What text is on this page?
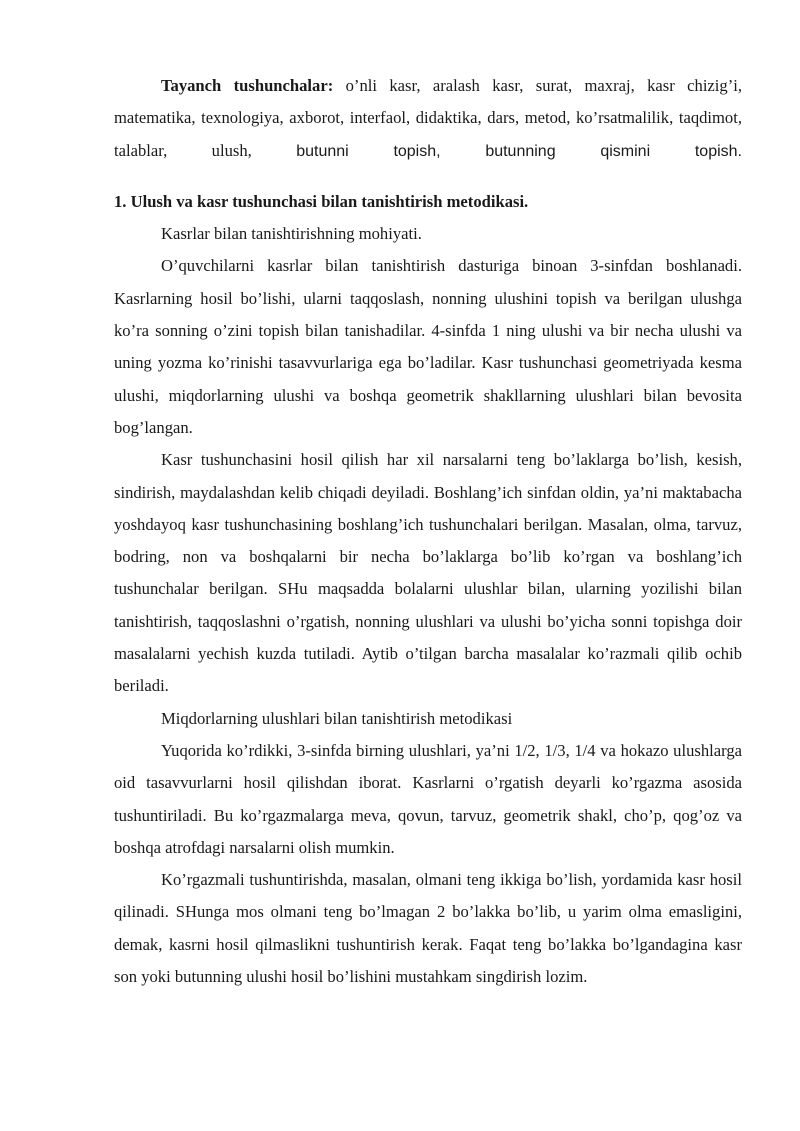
Tayanch tushunchalar: o’nli kasr, aralash kasr, surat, maxraj, kasr chizig’i, matematika, texnologiya, axborot, interfaol, didaktika, dars, metod, ko’rsatmalilik, taqdimot, talablar, ulush, butunni topish, butunning qismini topish.

1. Ulush va kasr tushunchasi bilan tanishtirish metodikasi.

Kasrlar bilan tanishtirishning mohiyati.

O’quvchilarni kasrlar bilan tanishtirish dasturiga binoan 3-sinfdan boshlanadi. Kasrlarning hosil bo’lishi, ularni taqqoslash, nonning ulushini topish va berilgan ulushga ko’ra sonning o’zini topish bilan tanishadilar. 4-sinfda 1 ning ulushi va bir necha ulushi va uning yozma ko’rinishi tasavvurlariga ega bo’ladilar. Kasr tushunchasi geometriyada kesma ulushi, miqdorlarning ulushi va boshqa geometrik shakllarning ulushlari bilan bevosita bog’langan.

Kasr tushunchasini hosil qilish har xil narsalarni teng bo’laklarga bo’lish, kesish, sindirish, maydalashdan kelib chiqadi deyiladi. Boshlang’ich sinfdan oldin, ya’ni maktabacha yoshdayoq kasr tushunchasining boshlang’ich tushunchalari berilgan. Masalan, olma, tarvuz, bodring, non va boshqalarni bir necha bo’laklarga bo’lib ko’rgan va boshlang’ich tushunchalar berilgan. SHu maqsadda bolalarni ulushlar bilan, ularning yozilishi bilan tanishtirish, taqqoslashni o’rgatish, nonning ulushlari va ulushi bo’yicha sonni topishga doir masalalarni yechish kuzda tutiladi. Aytib o’tilgan barcha masalalar ko’razmali qilib ochib beriladi.

Miqdorlarning ulushlari bilan tanishtirish metodikasi

Yuqorida ko’rdikki, 3-sinfda birning ulushlari, ya’ni 1/2, 1/3, 1/4 va hokazo ulushlarga oid tasavvurlarni hosil qilishdan iborat. Kasrlarni o’rgatish deyarli ko’rgazma asosida tushuntiriladi. Bu ko’rgazmalarga meva, qovun, tarvuz, geometrik shakl, cho’p, qog’oz va boshqa atrofdagi narsalarni olish mumkin.

Ko’rgazmali tushuntirishda, masalan, olmani teng ikkiga bo’lish, yordamida kasr hosil qilinadi. SHunga mos olmani teng bo’lmagan 2 bo’lakka bo’lib, u yarim olma emasligini, demak, kasrni hosil qilmaslikni tushuntirish kerak. Faqat teng bo’lakka bo’lgandagina kasr son yoki butunning ulushi hosil bo’lishini mustahkam singdirish lozim.
